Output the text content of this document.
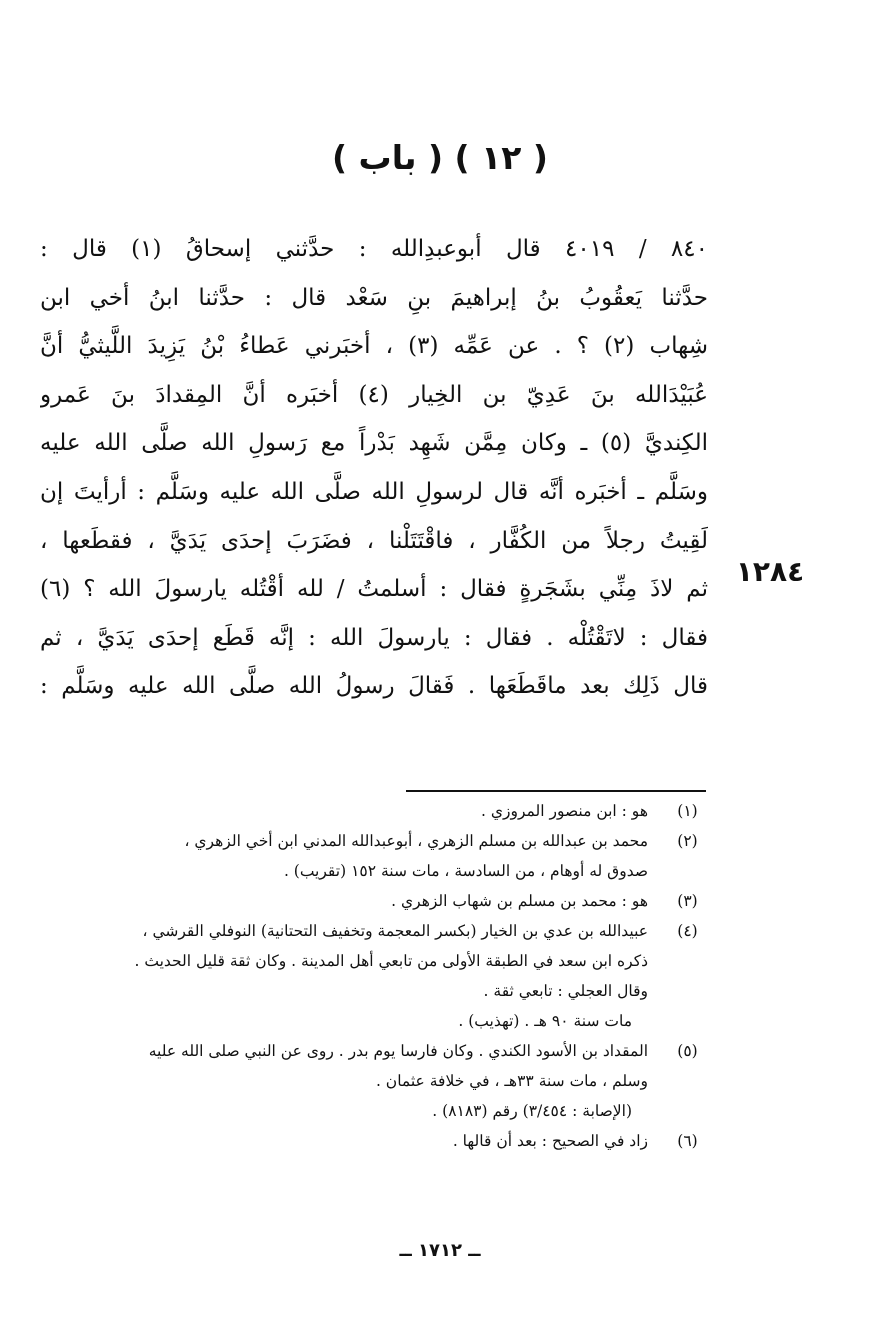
( ١٢ ) ( باب )
٨٤٠ / ٤٠١٩ قال أبوعبدِالله : حدَّثني إسحاقُ (١) قال :
حدَّثنا يَعقُوبُ بنُ إبراهيمَ بنِ سَعْد قال : حدَّثنا ابنُ أخي ابن
شِهاب (٢) ؟ . عن عَمِّه (٣) ، أخبَرني عَطاءُ بْنُ يَزِيدَ اللَّيثيُّ أنَّ
عُبَيْدَالله بنَ عَدِيّ بن الخِيار (٤) أخبَره أنَّ المِقدادَ بنَ عَمرو
الكِنديَّ (٥) ـ وكان مِمَّن شَهِد بَدْراً مع رَسولِ الله صلَّى الله عليه
وسَلَّم ـ أخبَره أنَّه قال لرسولِ الله صلَّى الله عليه وسَلَّم : أرأيتَ إن
لَقِيتُ رجلاً من الكُفَّار ، فاقْتَتَلْنا ، فضَرَبَ إحدَى يَدَيَّ ، فقطَعها ،
ثم لاذَ مِنِّي بشَجَرةٍ فقال : أسلمتُ / لله أقْتُله يارسولَ الله ؟ (٦)
فقال : لاتَقْتُلْه . فقال : يارسولَ الله : إنَّه قَطَع إحدَى يَدَيَّ ، ثم
قال ذَلِك بعد ماقَطَعَها . فَقالَ رسولُ الله صلَّى الله عليه وسَلَّم :
١٢٨٤
(١)
هو : ابن منصور المروزي .
(٢)
محمد بن عبدالله بن مسلم الزهري ، أبوعبدالله المدني ابن أخي الزهري ،
صدوق له أوهام ، من السادسة ، مات سنة ١٥٢ (تقريب) .
(٣)
هو : محمد بن مسلم بن شهاب الزهري .
(٤)
عبيدالله بن عدي بن الخيار (بكسر المعجمة وتخفيف التحتانية) النوفلي القرشي ،
ذكره ابن سعد في الطبقة الأولى من تابعي أهل المدينة . وكان ثقة قليل الحديث .
وقال العجلي : تابعي ثقة .
مات سنة ٩٠ هـ . (تهذيب) .
(٥)
المقداد بن الأسود الكندي . وكان فارسا يوم بدر . روى عن النبي صلى الله عليه
وسلم ، مات سنة ٣٣هـ ، في خلافة عثمان .
(الإصابة : ٣/٤٥٤) رقم (٨١٨٣) .
(٦)
زاد في الصحيح : بعد أن قالها .
ــ ١٧١٢ ــ
